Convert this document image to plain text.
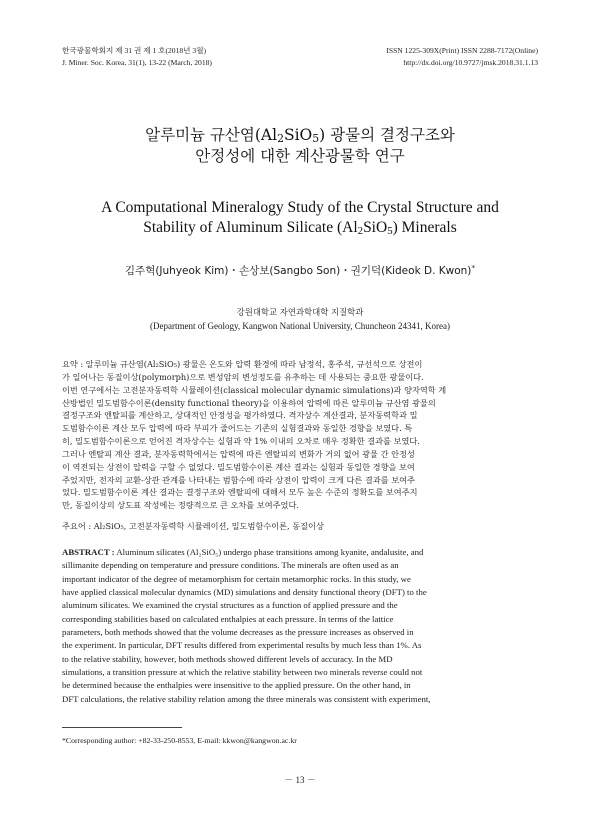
한국광물학회지 제 31 권 제 1 호(2018년 3월)	ISSN 1225-309X(Print) ISSN 2288-7172(Online)
J. Miner. Soc. Korea, 31(1), 13-22 (March, 2018)	http://dx.doi.org/10.9727/jmsk.2018.31.1.13
알루미늄 규산염$(Al_2SiO_5)$ 광물의 결정구조와
안정성에 대한 계산광물학 연구
A Computational Mineralogy Study of the Crystal Structure and
Stability of Aluminum Silicate $(Al_2SiO_5)$ Minerals
김주혁(Juhyeok Kim)・손상보(Sangbo Son)・권기덕(Kideok D. Kwon)*
강원대학교 자연과학대학 지질학과
(Department of Geology, Kangwon National University, Chuncheon 24341, Korea)
요약 : 알루미늄 규산염(Al₂SiO₅) 광물은 온도와 압력 환경에 따라 남정석, 홍주석, 규선석으로 상전이
가 일어나는 동질이상(polymorph)으로 변성암의 변성정도를 유추하는 데 사용되는 중요한 광물이다.
이번 연구에서는 고전분자동력학 시뮬레이션(classical molecular dynamic simulations)과 양자역학 계
산방법인 밀도범함수이론(density functional theory)을 이용하여 압력에 따른 알루미늄 규산염 광물의
결정구조와 엔탈피를 계산하고, 상대적인 안정성을 평가하였다. 격자상수 계산결과, 분자동력학과 밀
도범함수이론 계산 모두 압력에 따라 부피가 줄어드는 기존의 실험결과와 동일한 경향을 보였다. 특
히, 밀도범함수이론으로 얻어진 격자상수는 실험과 약 1% 이내의 오차로 매우 정확한 결과를 보였다.
그러나 엔탈피 계산 결과, 분자동력학에서는 압력에 따른 엔탈피의 변화가 거의 없어 광물 간 안정성
이 역전되는 상전이 압력을 구할 수 없었다. 밀도범함수이론 계산 결과는 실험과 동일한 경향을 보여
주었지만, 전자의 교환-상관 관계를 나타내는 범함수에 따라 상전이 압력이 크게 다른 결과를 보여주
었다. 밀도범함수이론 계산 결과는 결정구조와 엔탈피에 대해서 모두 높은 수준의 정확도를 보여주지
만, 동질이상의 상도표 작성에는 정량적으로 큰 오차를 보여주었다.
주요어 : Al₂SiO₅, 고전분자동력학 시뮬레이션, 밀도범함수이론, 동질이상
ABSTRACT : Aluminum silicates (Al₂SiO₅) undergo phase transitions among kyanite, andalusite, and
sillimanite depending on temperature and pressure conditions. The minerals are often used as an
important indicator of the degree of metamorphism for certain metamorphic rocks. In this study, we
have applied classical molecular dynamics (MD) simulations and density functional theory (DFT) to the
aluminum silicates. We examined the crystal structures as a function of applied pressure and the
corresponding stabilities based on calculated enthalpies at each pressure. In terms of the lattice
parameters, both methods showed that the volume decreases as the pressure increases as observed in
the experiment. In particular, DFT results differed from experimental results by much less than 1%. As
to the relative stability, however, both methods showed different levels of accuracy. In the MD
simulations, a transition pressure at which the relative stability between two minerals reverse could not
be determined because the enthalpies were insensitive to the applied pressure. On the other hand, in
DFT calculations, the relative stability relation among the three minerals was consistent with experiment,
*Corresponding author: +82-33-250-8553, E-mail: kkwon@kangwon.ac.kr
－ 13 －
